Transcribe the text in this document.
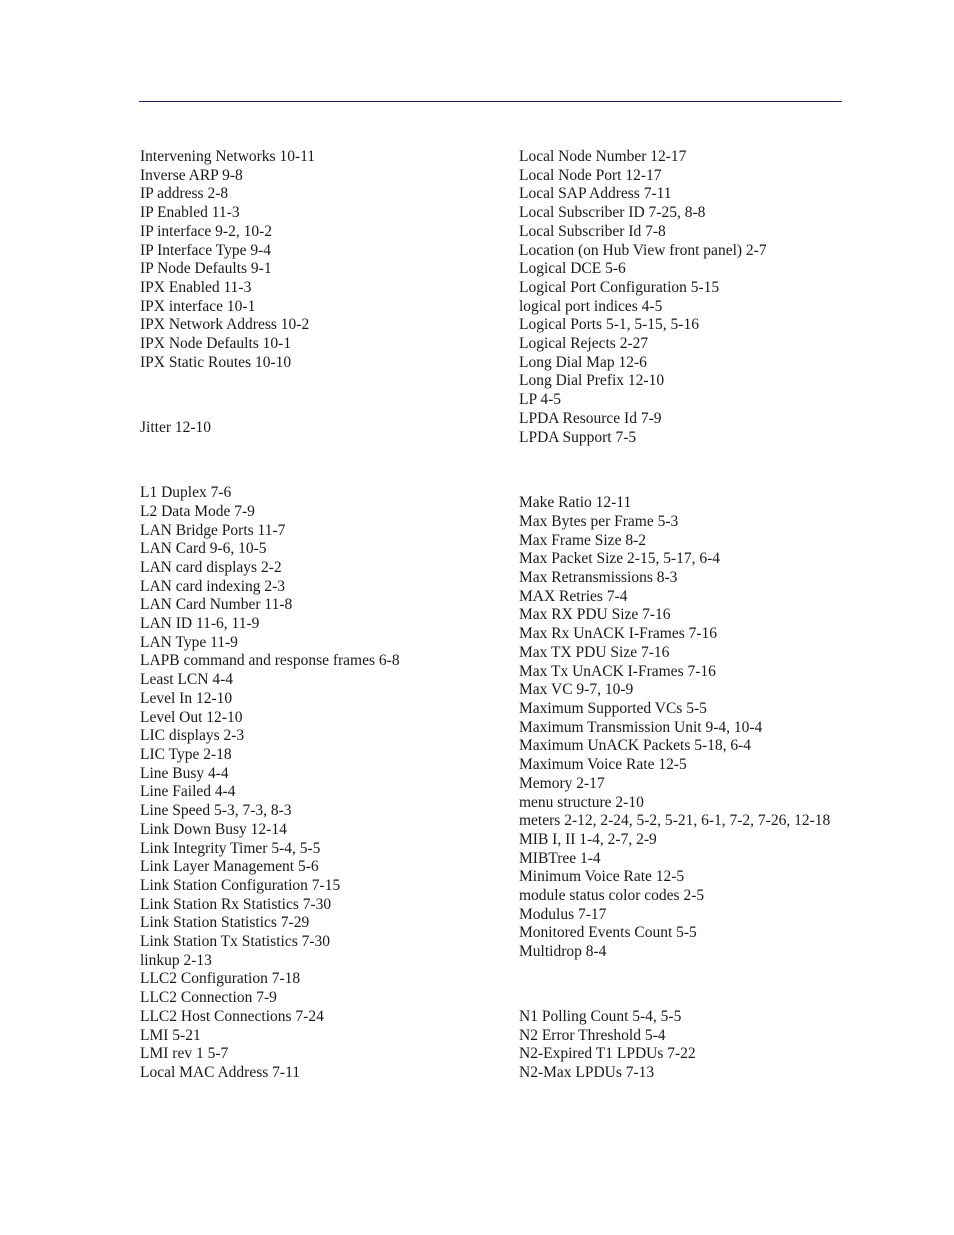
Intervening Networks 10-11
Inverse ARP 9-8
IP address 2-8
IP Enabled 11-3
IP interface 9-2, 10-2
IP Interface Type 9-4
IP Node Defaults 9-1
IPX Enabled 11-3
IPX interface 10-1
IPX Network Address 10-2
IPX Node Defaults 10-1
IPX Static Routes 10-10
Jitter 12-10
L1 Duplex 7-6
L2 Data Mode 7-9
LAN Bridge Ports 11-7
LAN Card 9-6, 10-5
LAN card displays 2-2
LAN card indexing 2-3
LAN Card Number 11-8
LAN ID 11-6, 11-9
LAN Type 11-9
LAPB command and response frames 6-8
Least LCN 4-4
Level In 12-10
Level Out 12-10
LIC displays 2-3
LIC Type 2-18
Line Busy 4-4
Line Failed 4-4
Line Speed 5-3, 7-3, 8-3
Link Down Busy 12-14
Link Integrity Timer 5-4, 5-5
Link Layer Management 5-6
Link Station Configuration 7-15
Link Station Rx Statistics 7-30
Link Station Statistics 7-29
Link Station Tx Statistics 7-30
linkup 2-13
LLC2 Configuration 7-18
LLC2 Connection 7-9
LLC2 Host Connections 7-24
LMI 5-21
LMI rev 1 5-7
Local MAC Address 7-11
Local Node Number 12-17
Local Node Port 12-17
Local SAP Address 7-11
Local Subscriber ID 7-25, 8-8
Local Subscriber Id 7-8
Location (on Hub View front panel) 2-7
Logical DCE 5-6
Logical Port Configuration 5-15
logical port indices 4-5
Logical Ports 5-1, 5-15, 5-16
Logical Rejects 2-27
Long Dial Map 12-6
Long Dial Prefix 12-10
LP 4-5
LPDA Resource Id 7-9
LPDA Support 7-5
Make Ratio 12-11
Max Bytes per Frame 5-3
Max Frame Size 8-2
Max Packet Size 2-15, 5-17, 6-4
Max Retransmissions 8-3
MAX Retries 7-4
Max RX PDU Size 7-16
Max Rx UnACK I-Frames 7-16
Max TX PDU Size 7-16
Max Tx UnACK I-Frames 7-16
Max VC 9-7, 10-9
Maximum Supported VCs 5-5
Maximum Transmission Unit 9-4, 10-4
Maximum UnACK Packets 5-18, 6-4
Maximum Voice Rate 12-5
Memory 2-17
menu structure 2-10
meters 2-12, 2-24, 5-2, 5-21, 6-1, 7-2, 7-26, 12-18
MIB I, II 1-4, 2-7, 2-9
MIBTree 1-4
Minimum Voice Rate 12-5
module status color codes 2-5
Modulus 7-17
Monitored Events Count 5-5
Multidrop 8-4
N1 Polling Count 5-4, 5-5
N2 Error Threshold 5-4
N2-Expired T1 LPDUs 7-22
N2-Max LPDUs 7-13
